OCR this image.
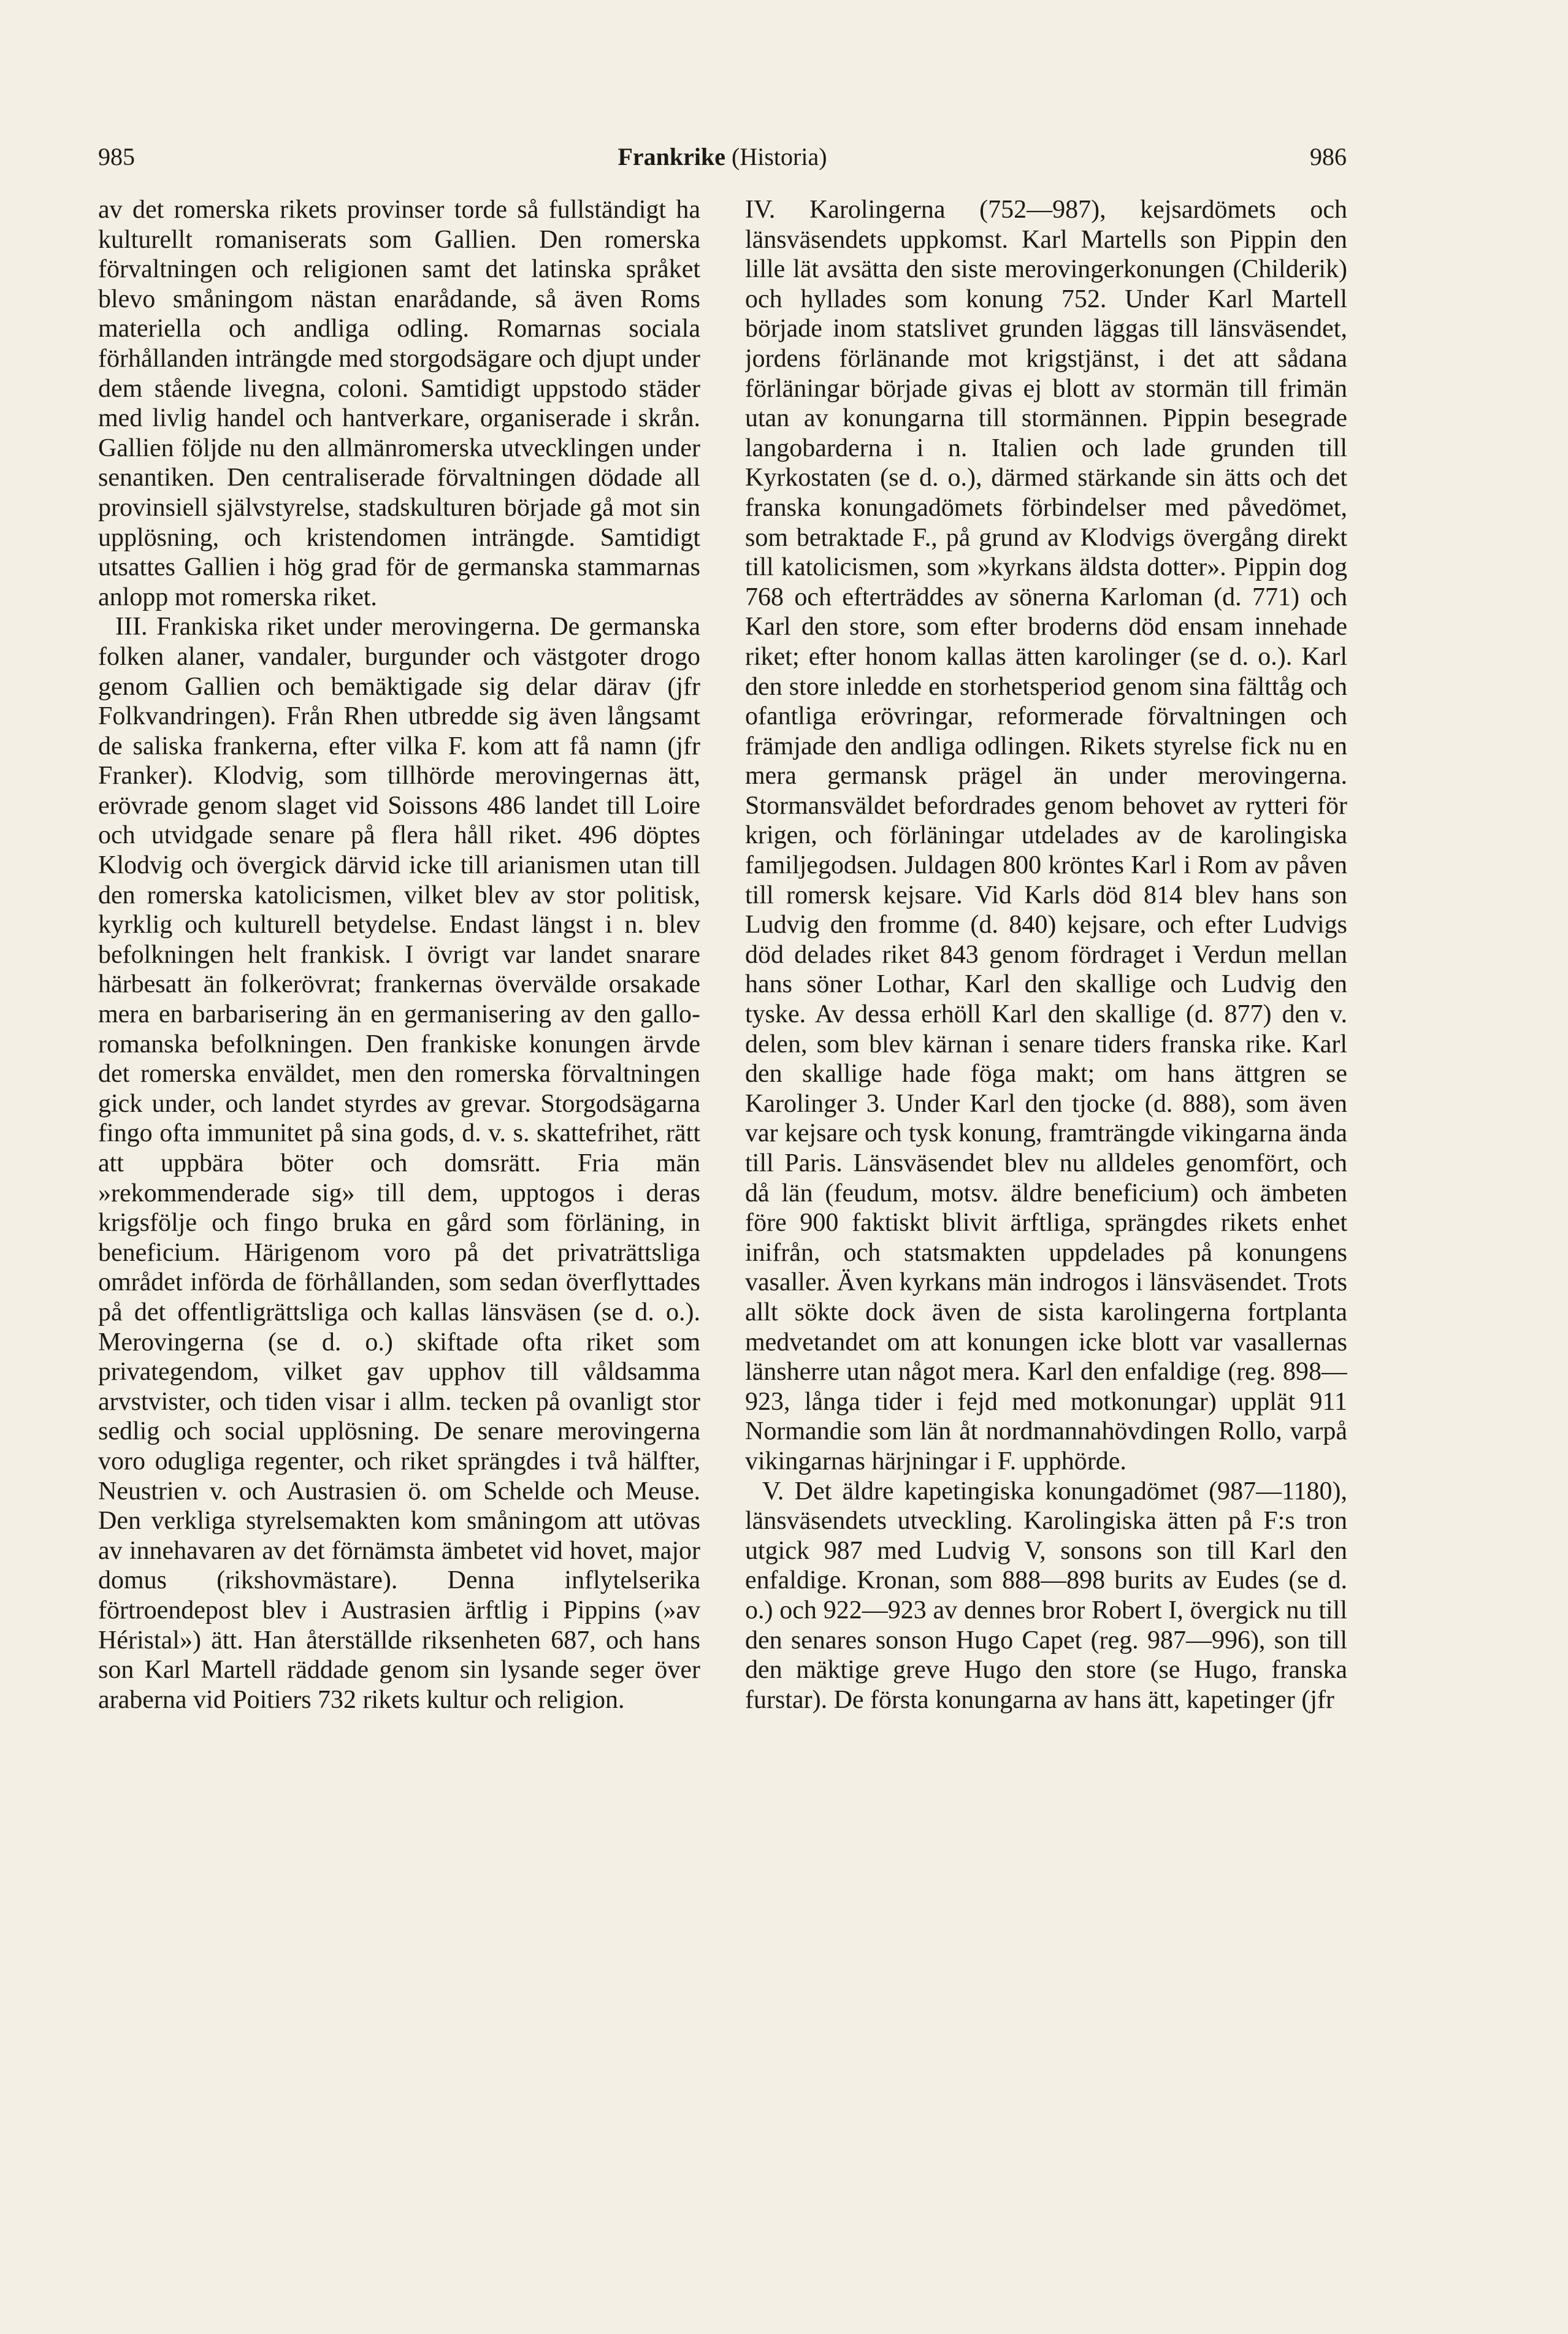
985	Frankrike (Historia)	986

av det romerska rikets provinser torde så fullständigt ha kulturellt romaniserats som Gallien. Den romerska förvaltningen och religionen samt det latinska språket blevo småningom nästan enarådande, så även Roms materiella och andliga odling. Romarnas sociala förhållanden inträngde med storgodsägare och djupt under dem stående livegna, coloni. Samtidigt uppstodo städer med livlig handel och hantverkare, organiserade i skrån. Gallien följde nu den allmänromerska utvecklingen under senantiken. Den centraliserade förvaltningen dödade all provinsiell självstyrelse, stadskulturen började gå mot sin upplösning, och kristendomen inträngde. Samtidigt utsattes Gallien i hög grad för de germanska stammarnas anlopp mot romerska riket.

III. Frankiska riket under merovingerna. De germanska folken alaner, vandaler, burgunder och västgoter drogo genom Gallien och bemäktigade sig delar därav (jfr Folkvandringen). Från Rhen utbredde sig även långsamt de saliska frankerna, efter vilka F. kom att få namn (jfr Franker). Klodvig, som tillhörde merovingernas ätt, erövrade genom slaget vid Soissons 486 landet till Loire och utvidgade senare på flera håll riket. 496 döptes Klodvig och övergick därvid icke till arianismen utan till den romerska katolicismen, vilket blev av stor politisk, kyrklig och kulturell betydelse. Endast längst i n. blev befolkningen helt frankisk. I övrigt var landet snarare härbesatt än folkerövrat; frankernas övervälde orsakade mera en barbarisering än en germanisering av den gallo-romanska befolkningen. Den frankiske konungen ärvde det romerska enväldet, men den romerska förvaltningen gick under, och landet styrdes av grevar. Storgodsägarna fingo ofta immunitet på sina gods, d. v. s. skattefrihet, rätt att uppbära böter och domsrätt. Fria män »rekommenderade sig» till dem, upptogos i deras krigsfölje och fingo bruka en gård som förläning, in beneficium. Härigenom voro på det privaträttsliga området införda de förhållanden, som sedan överflyttades på det offentligrättsliga och kallas länsväsen (se d. o.). Merovingerna (se d. o.) skiftade ofta riket som privategendom, vilket gav upphov till våldsamma arvstvister, och tiden visar i allm. tecken på ovanligt stor sedlig och social upplösning. De senare merovingerna voro odugliga regenter, och riket sprängdes i två hälfter, Neustrien v. och Austrasien ö. om Schelde och Meuse. Den verkliga styrelsemakten kom småningom att utövas av innehavaren av det förnämsta ämbetet vid hovet, major domus (rikshovmästare). Denna inflytelserika förtroendepost blev i Austrasien ärftlig i Pippins (»av Héristal») ätt. Han återställde riksenheten 687, och hans son Karl Martell räddade genom sin lysande seger över araberna vid Poitiers 732 rikets kultur och religion.

IV. Karolingerna (752—987), kejsardömets och länsväsendets uppkomst. Karl Martells son Pippin den lille lät avsätta den siste merovingerkonungen (Childerik) och hyllades som konung 752. Under Karl Martell började inom statslivet grunden läggas till länsväsendet, jordens förlänande mot krigstjänst, i det att sådana förläningar började givas ej blott av stormän till frimän utan av konungarna till stormännen. Pippin besegrade langobarderna i n. Italien och lade grunden till Kyrkostaten (se d. o.), därmed stärkande sin ätts och det franska konungadömets förbindelser med påvedömet, som betraktade F., på grund av Klodvigs övergång direkt till katolicismen, som »kyrkans äldsta dotter». Pippin dog 768 och efterträddes av sönerna Karloman (d. 771) och Karl den store, som efter broderns död ensam innehade riket; efter honom kallas ätten karolinger (se d. o.). Karl den store inledde en storhetsperiod genom sina fälttåg och ofantliga erövringar, reformerade förvaltningen och främjade den andliga odlingen. Rikets styrelse fick nu en mera germansk prägel än under merovingerna. Stormansväldet befordrades genom behovet av rytteri för krigen, och förläningar utdelades av de karolingiska familjegodsen. Juldagen 800 kröntes Karl i Rom av påven till romersk kejsare. Vid Karls död 814 blev hans son Ludvig den fromme (d. 840) kejsare, och efter Ludvigs död delades riket 843 genom fördraget i Verdun mellan hans söner Lothar, Karl den skallige och Ludvig den tyske. Av dessa erhöll Karl den skallige (d. 877) den v. delen, som blev kärnan i senare tiders franska rike. Karl den skallige hade föga makt; om hans ättgren se Karolinger 3. Under Karl den tjocke (d. 888), som även var kejsare och tysk konung, framträngde vikingarna ända till Paris. Länsväsendet blev nu alldeles genomfört, och då län (feudum, motsv. äldre beneficium) och ämbeten före 900 faktiskt blivit ärftliga, sprängdes rikets enhet inifrån, och statsmakten uppdelades på konungens vasaller. Även kyrkans män indrogos i länsväsendet. Trots allt sökte dock även de sista karolingerna fortplanta medvetandet om att konungen icke blott var vasallernas länsherre utan något mera. Karl den enfaldige (reg. 898—923, långa tider i fejd med motkonungar) upplät 911 Normandie som län åt nordmannahövdingen Rollo, varpå vikingarnas härjningar i F. upphörde.

V. Det äldre kapetingiska konungadömet (987—1180), länsväsendets utveckling. Karolingiska ätten på F:s tron utgick 987 med Ludvig V, sonsons son till Karl den enfaldige. Kronan, som 888—898 burits av Eudes (se d. o.) och 922—923 av dennes bror Robert I, övergick nu till den senares sonson Hugo Capet (reg. 987—996), son till den mäktige greve Hugo den store (se Hugo, franska furstar). De första konungarna av hans ätt, kapetinger (jfr
